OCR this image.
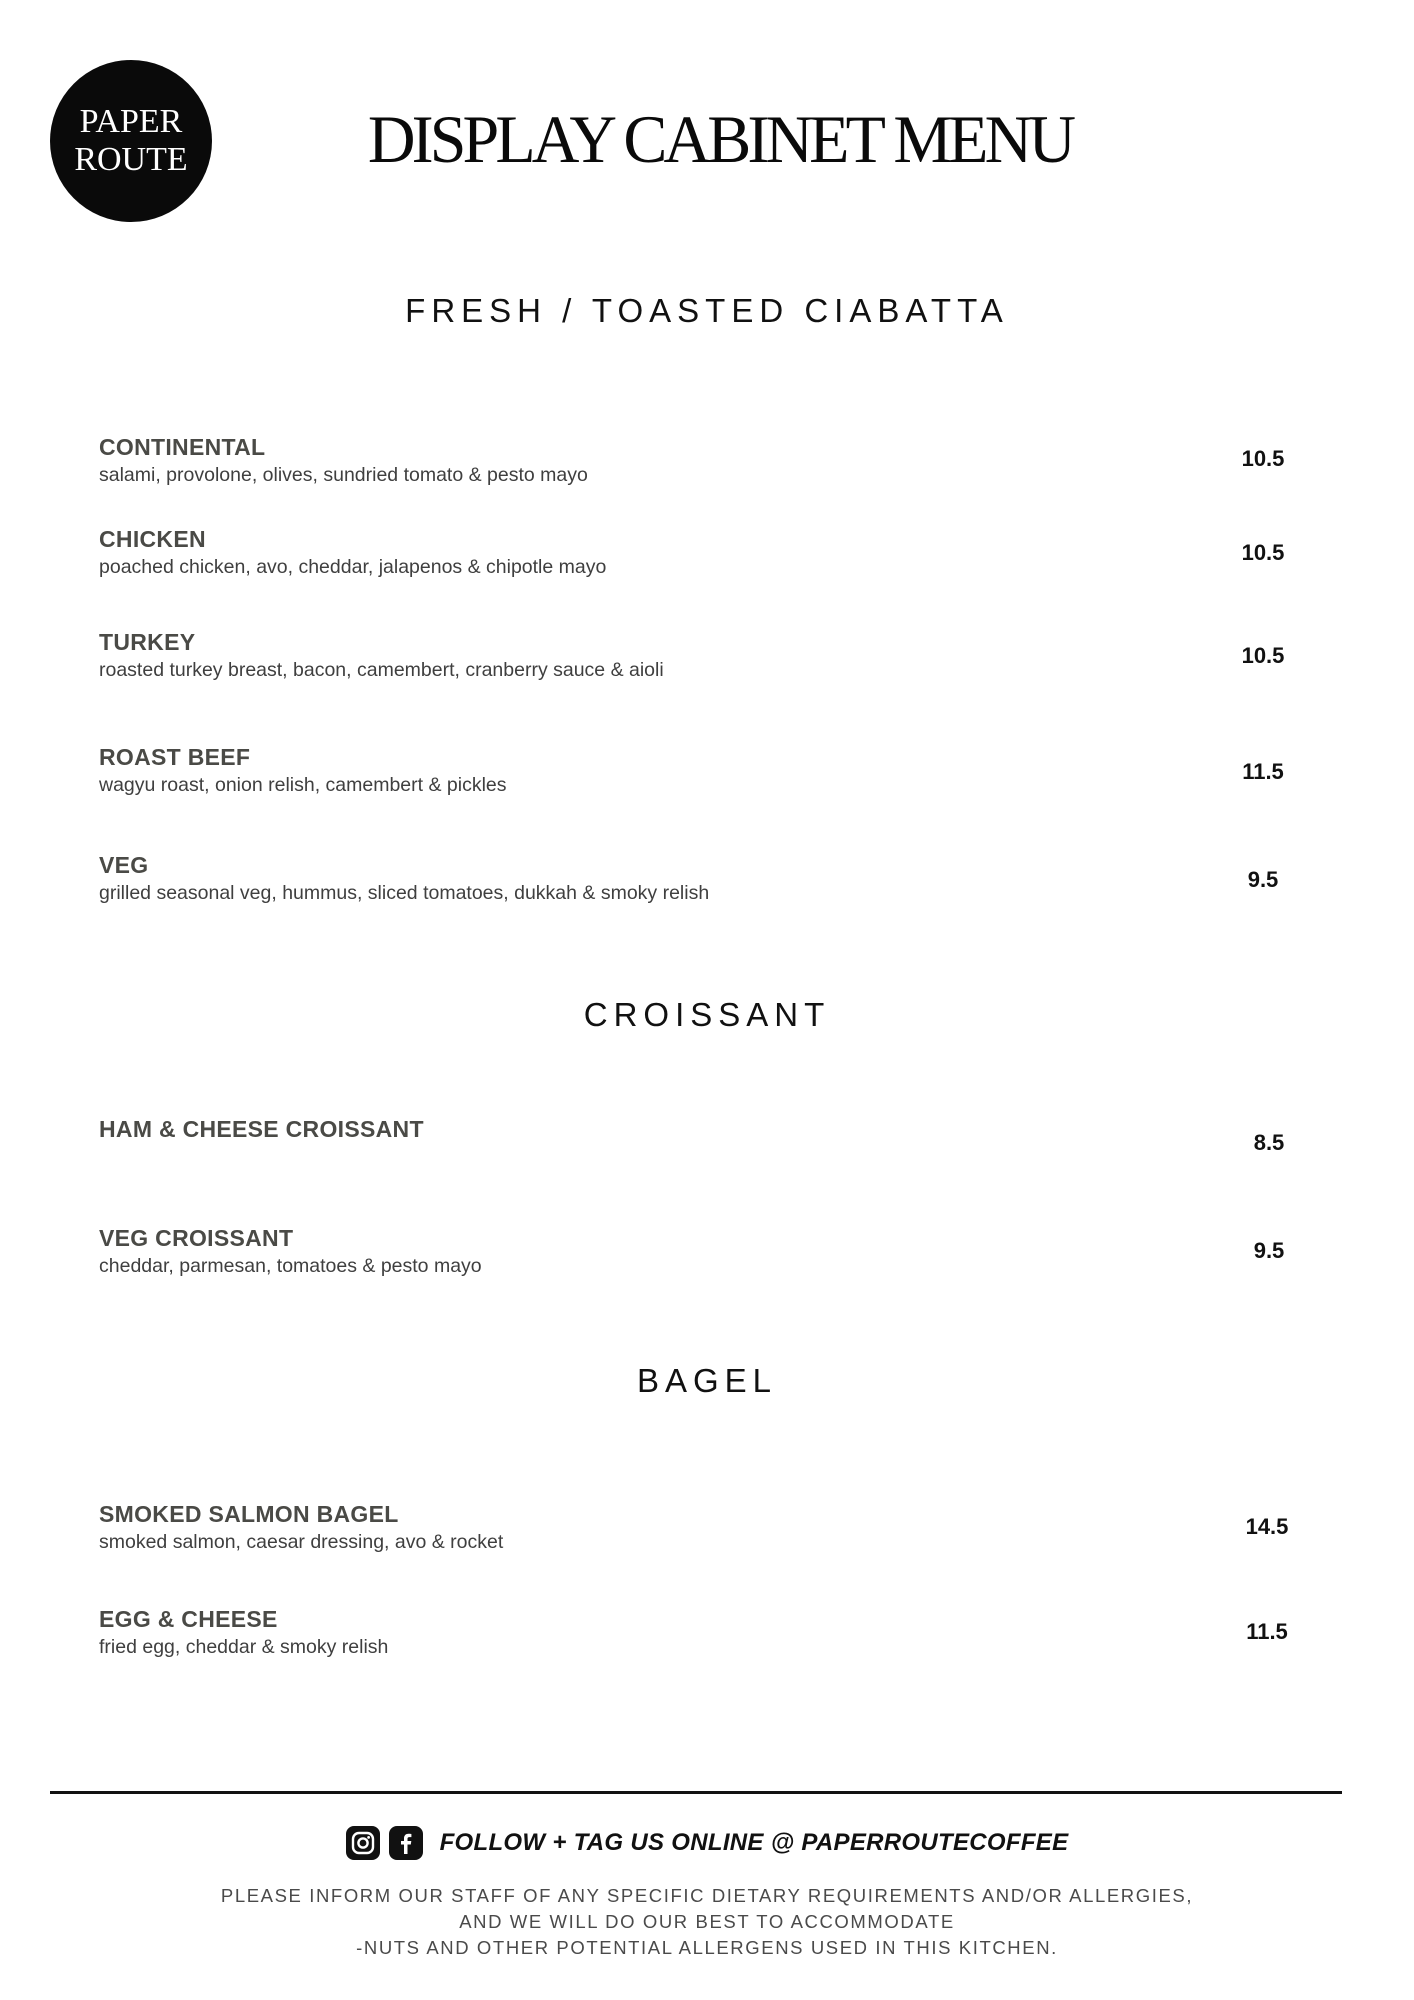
PAPER
ROUTE	DISPLAY CABINET MENU
FRESH / TOASTED CIABATTA
CONTINENTAL
salami, provolone, olives, sundried tomato & pesto mayo
10.5
CHICKEN
poached chicken, avo, cheddar, jalapenos & chipotle mayo
10.5
TURKEY
roasted turkey breast, bacon, camembert, cranberry sauce & aioli
10.5
ROAST BEEF
wagyu roast, onion relish, camembert & pickles
11.5
VEG
grilled seasonal veg, hummus, sliced tomatoes, dukkah & smoky relish
9.5
CROISSANT
HAM & CHEESE CROISSANT
8.5
VEG CROISSANT
cheddar, parmesan, tomatoes & pesto mayo
9.5
BAGEL
SMOKED SALMON BAGEL
smoked salmon, caesar dressing, avo & rocket
14.5
EGG & CHEESE
fried egg, cheddar & smoky relish
11.5
FOLLOW + TAG US ONLINE @ PAPERROUTECOFFEE
PLEASE INFORM OUR STAFF OF ANY SPECIFIC DIETARY REQUIREMENTS AND/OR ALLERGIES,
AND WE WILL DO OUR BEST TO ACCOMMODATE
-NUTS AND OTHER POTENTIAL ALLERGENS USED IN THIS KITCHEN.
